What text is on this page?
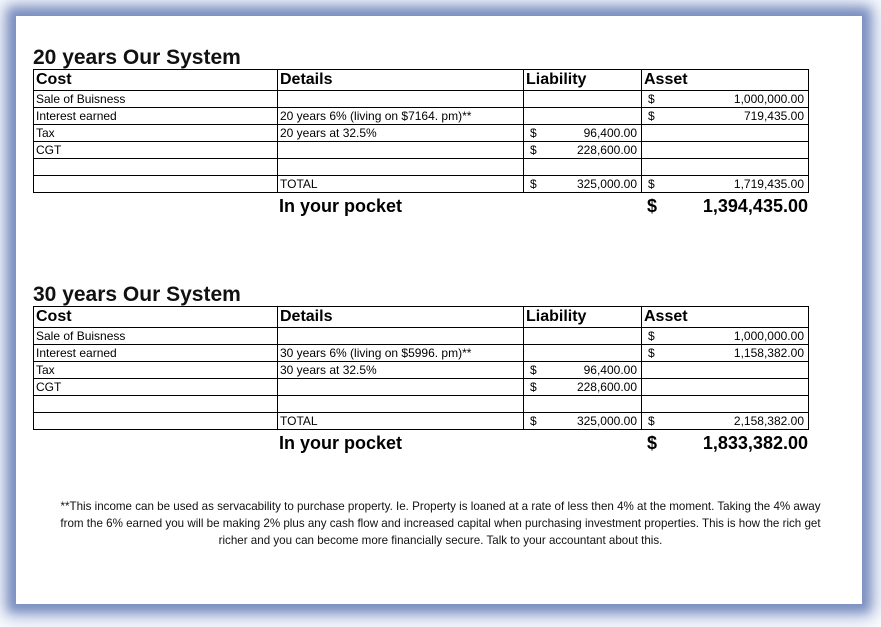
20 years Our System
Cost	Details	Liability	Asset
Sale of Buisness			$ 1,000,000.00

Interest earned	20 years 6% (living on $7164. pm)**		$ 719,435.00

Tax	20 years at 32.5%	$ 96,400.00	

CGT		$ 228,600.00	

	TOTAL	$ 325,000.00	$ 1,719,435.00
In your pocket	$	1,394,435.00
30 years Our System
Cost	Details	Liability	Asset
Sale of Buisness			$ 1,000,000.00

Interest earned	30 years 6% (living on $5996. pm)**		$ 1,158,382.00

Tax	30 years at 32.5%	$ 96,400.00	

CGT		$ 228,600.00	

	TOTAL	$ 325,000.00	$ 2,158,382.00
In your pocket	$	1,833,382.00
**This income can be used as servacability to purchase property. Ie. Property is loaned at a rate of less then 4% at the moment. Taking the 4% away from the 6% earned you will be making 2% plus any cash flow and increased capital when purchasing investment properties. This is how the rich get richer and you can become more financially secure. Talk to your accountant about this.
